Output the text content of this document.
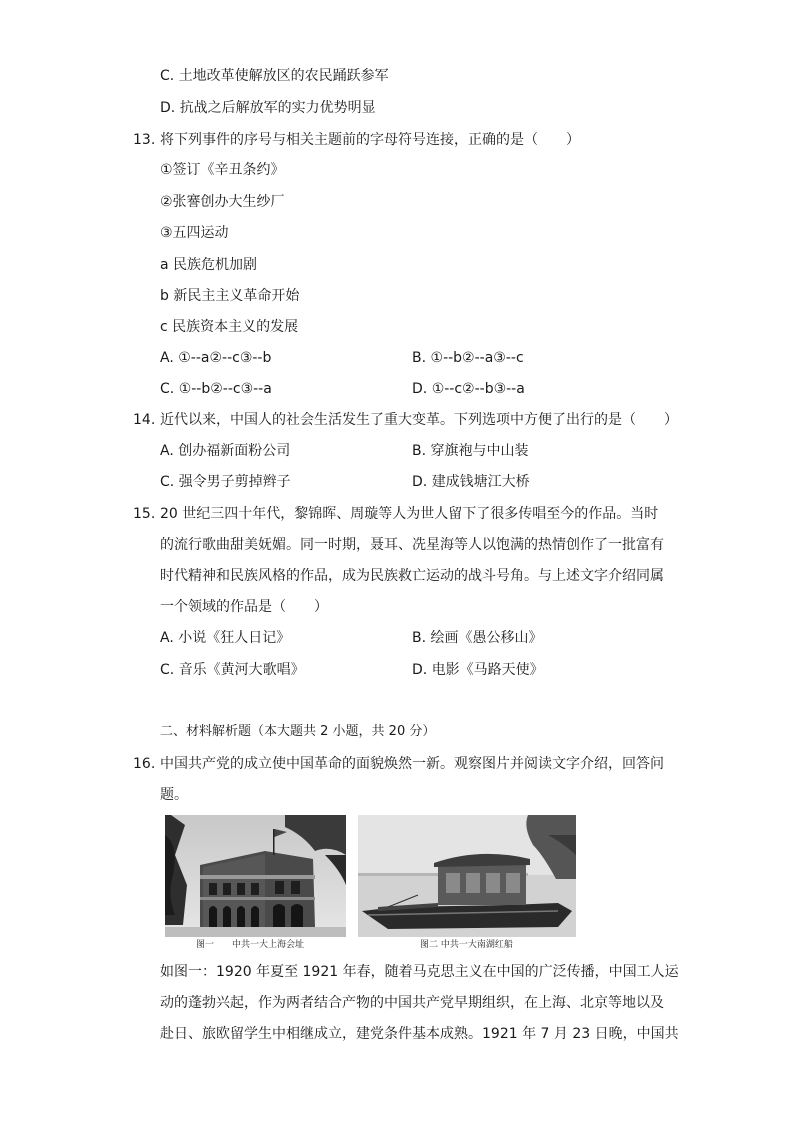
C. 土地改革使解放区的农民踊跃参军
D. 抗战之后解放军的实力优势明显
13. 将下列事件的序号与相关主题前的字母符号连接，正确的是（　　）
①签订《辛丑条约》
②张謇创办大生纱厂
③五四运动
a 民族危机加剧
b 新民主主义革命开始
c 民族资本主义的发展
A. ①--a②--c③--b	B. ①--b②--a③--c
C. ①--b②--c③--a	D. ①--c②--b③--a
14. 近代以来，中国人的社会生活发生了重大变革。下列选项中方便了出行的是（　　）
A. 创办福新面粉公司	B. 穿旗袍与中山装
C. 强令男子剪掉辫子	D. 建成钱塘江大桥
15. 20 世纪三四十年代，黎锦晖、周璇等人为世人留下了很多传唱至今的作品。当时
的流行歌曲甜美妩媚。同一时期，聂耳、冼星海等人以饱满的热情创作了一批富有
时代精神和民族风格的作品，成为民族救亡运动的战斗号角。与上述文字介绍同属
一个领域的作品是（　　）
A. 小说《狂人日记》	B. 绘画《愚公移山》
C. 音乐《黄河大歌唱》	D. 电影《马路天使》
二、材料解析题（本大题共 2 小题，共 20 分）
16. 中国共产党的成立使中国革命的面貌焕然一新。观察图片并阅读文字介绍，回答问
题。
图一　　中共一大上海会址	图二 中共一大南湖红船
如图一：1920 年夏至 1921 年春，随着马克思主义在中国的广泛传播，中国工人运
动的蓬勃兴起，作为两者结合产物的中国共产党早期组织，在上海、北京等地以及
赴日、旅欧留学生中相继成立，建党条件基本成熟。1921 年 7 月 23 日晚，中国共
